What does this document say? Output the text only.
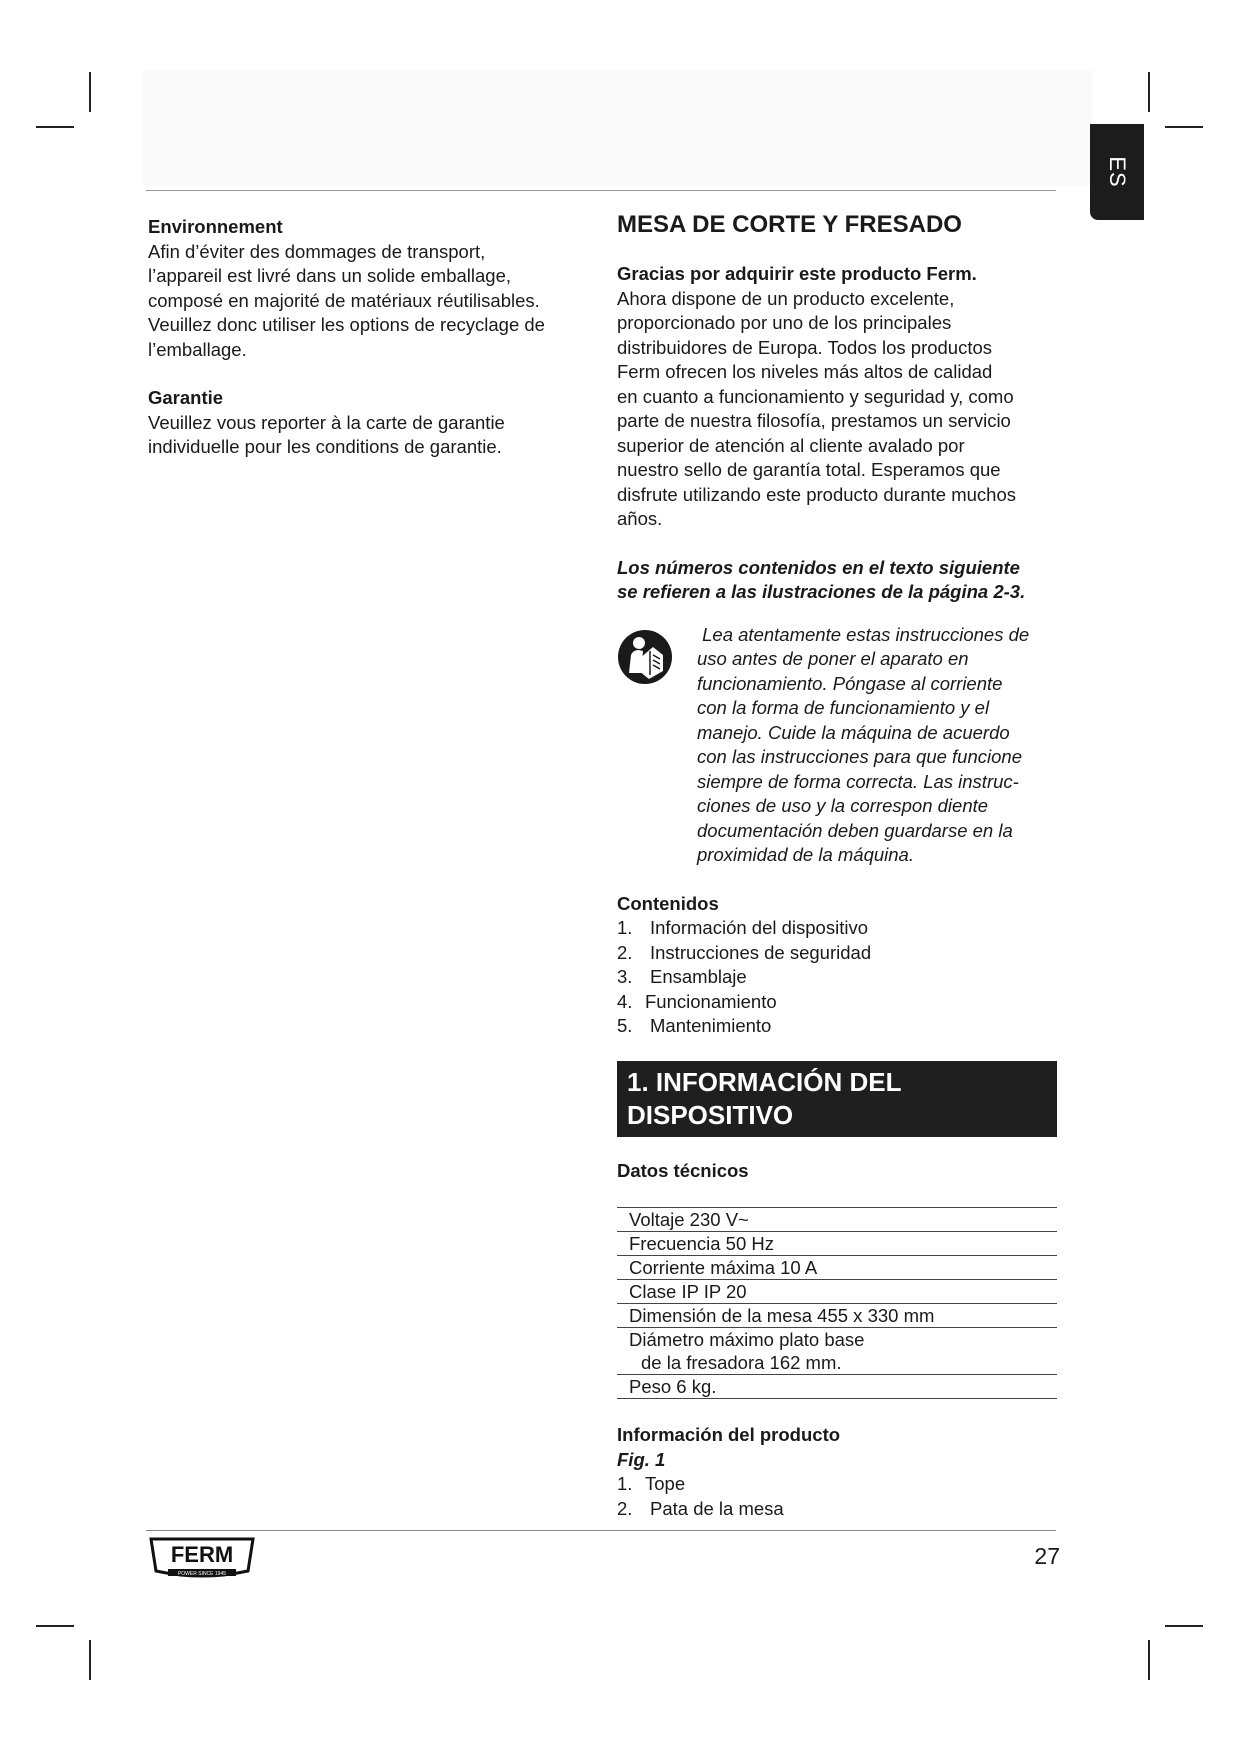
ES

Environnement

Afin d’éviter des dommages de transport,

l’appareil est livré dans un solide emballage,

composé en majorité de matériaux réutilisables.

Veuillez donc utiliser les options de recyclage de

l’emballage.

Garantie

Veuillez vous reporter à la carte de garantie

individuelle pour les conditions de garantie.

MESA DE CORTE Y FRESADO

Gracias por adquirir este producto Ferm.

Ahora dispone de un producto excelente,

proporcionado por uno de los principales

distribuidores de Europa. Todos los productos

Ferm ofrecen los niveles más altos de calidad

en cuanto a funcionamiento y seguridad y, como

parte de nuestra filosofía, prestamos un servicio

superior de atención al cliente avalado por

nuestro sello de garantía total. Esperamos que

disfrute utilizando este producto durante muchos

años.

Los números contenidos en el texto siguiente

se refieren a las ilustraciones de la página 2-3.

Lea atentamente estas instrucciones de

uso antes de poner el aparato en

funcionamiento. Póngase al corriente

con la forma de funcionamiento y el

manejo. Cuide la máquina de acuerdo

con las instrucciones para que funcione

siempre de forma correcta. Las instruc-

ciones de uso y la correspon diente

documentación deben guardarse en la

proximidad de la máquina.

Contenidos

1. Información del dispositivo
2. Instrucciones de seguridad
3. Ensamblaje
4. Funcionamiento
5. Mantenimiento
1. INFORMACIÓN DEL
DISPOSITIVO

Datos técnicos

Voltaje 230 V~
Frecuencia 50 Hz
Corriente máxima 10 A
Clase IP IP 20
Dimensión de la mesa 455 x 330 mm

Diámetro máximo plato base
de la fresadora 162 mm.

Peso 6 kg.

Información del producto

Fig. 1

1. Tope
2. Pata de la mesa
FERM
POWER SINCE 1945
27
